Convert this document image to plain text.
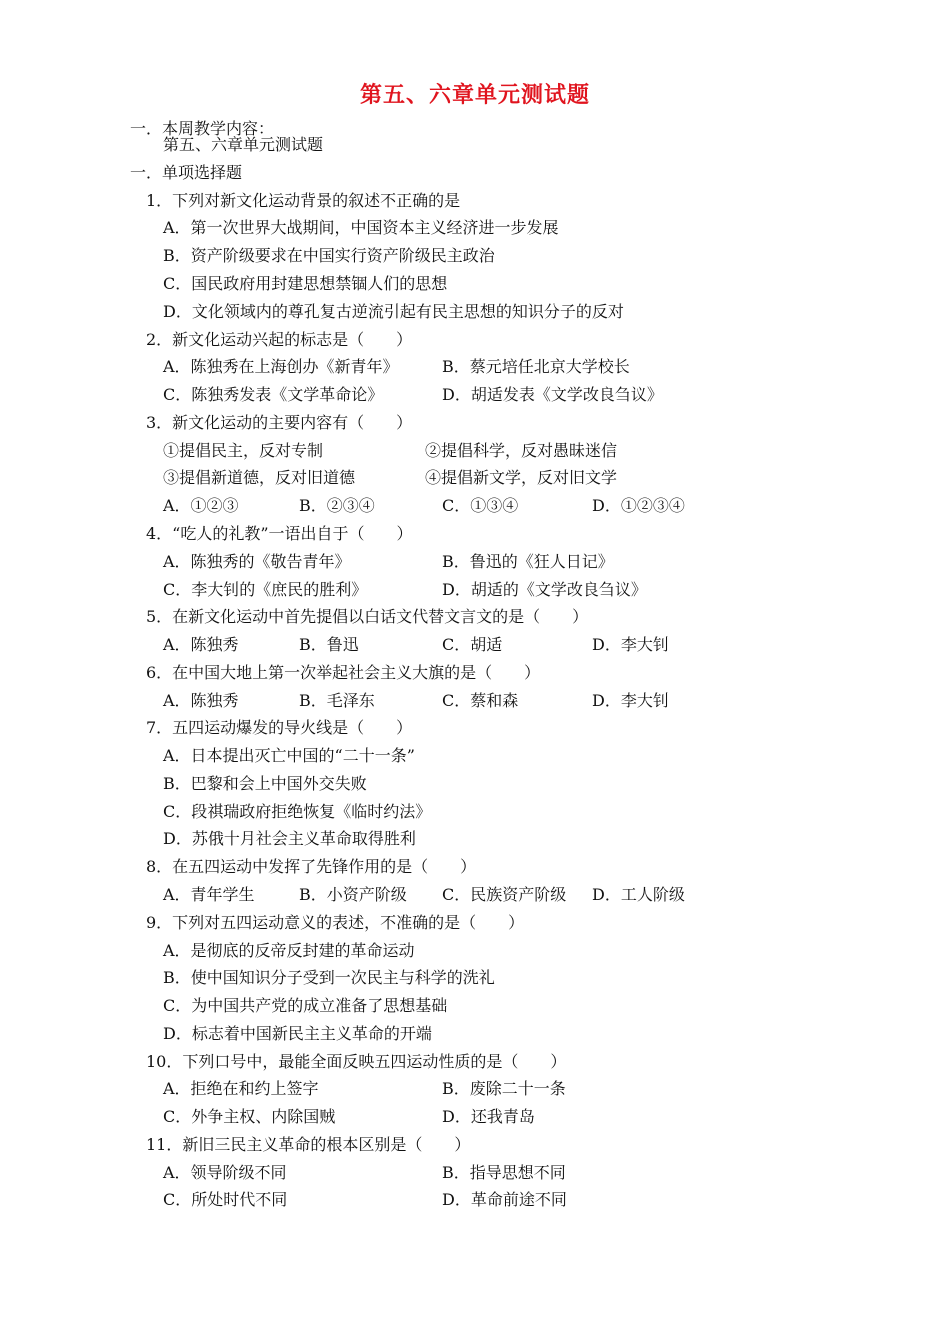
第五、六章单元测试题
一．本周教学内容：
第五、六章单元测试题
一．单项选择题
1．下列对新文化运动背景的叙述不正确的是
A．第一次世界大战期间，中国资本主义经济进一步发展
B．资产阶级要求在中国实行资产阶级民主政治
C．国民政府用封建思想禁锢人们的思想
D．文化领域内的尊孔复古逆流引起有民主思想的知识分子的反对
2．新文化运动兴起的标志是（　　）
A．陈独秀在上海创办《新青年》	B．蔡元培任北京大学校长
C．陈独秀发表《文学革命论》	D．胡适发表《文学改良刍议》
3．新文化运动的主要内容有（　　）
①提倡民主，反对专制	②提倡科学，反对愚昧迷信
③提倡新道德，反对旧道德	④提倡新文学，反对旧文学
A．①②③	B．②③④	C．①③④	D．①②③④
4．“吃人的礼教”一语出自于（　　）
A．陈独秀的《敬告青年》	B．鲁迅的《狂人日记》
C．李大钊的《庶民的胜利》	D．胡适的《文学改良刍议》
5．在新文化运动中首先提倡以白话文代替文言文的是（　　）
A．陈独秀	B．鲁迅	C．胡适	D．李大钊
6．在中国大地上第一次举起社会主义大旗的是（　　）
A．陈独秀	B．毛泽东	C．蔡和森	D．李大钊
7．五四运动爆发的导火线是（　　）
A．日本提出灭亡中国的“二十一条”
B．巴黎和会上中国外交失败
C．段祺瑞政府拒绝恢复《临时约法》
D．苏俄十月社会主义革命取得胜利
8．在五四运动中发挥了先锋作用的是（　　）
A．青年学生	B．小资产阶级 C．民族资产阶级 D．工人阶级
9．下列对五四运动意义的表述，不准确的是（　　）
A．是彻底的反帝反封建的革命运动
B．使中国知识分子受到一次民主与科学的洗礼
C．为中国共产党的成立准备了思想基础
D．标志着中国新民主主义革命的开端
10．下列口号中，最能全面反映五四运动性质的是（　　）
A．拒绝在和约上签字	B．废除二十一条
C．外争主权、内除国贼	D．还我青岛
11．新旧三民主义革命的根本区别是（　　）
A．领导阶级不同	B．指导思想不同
C．所处时代不同	D．革命前途不同
